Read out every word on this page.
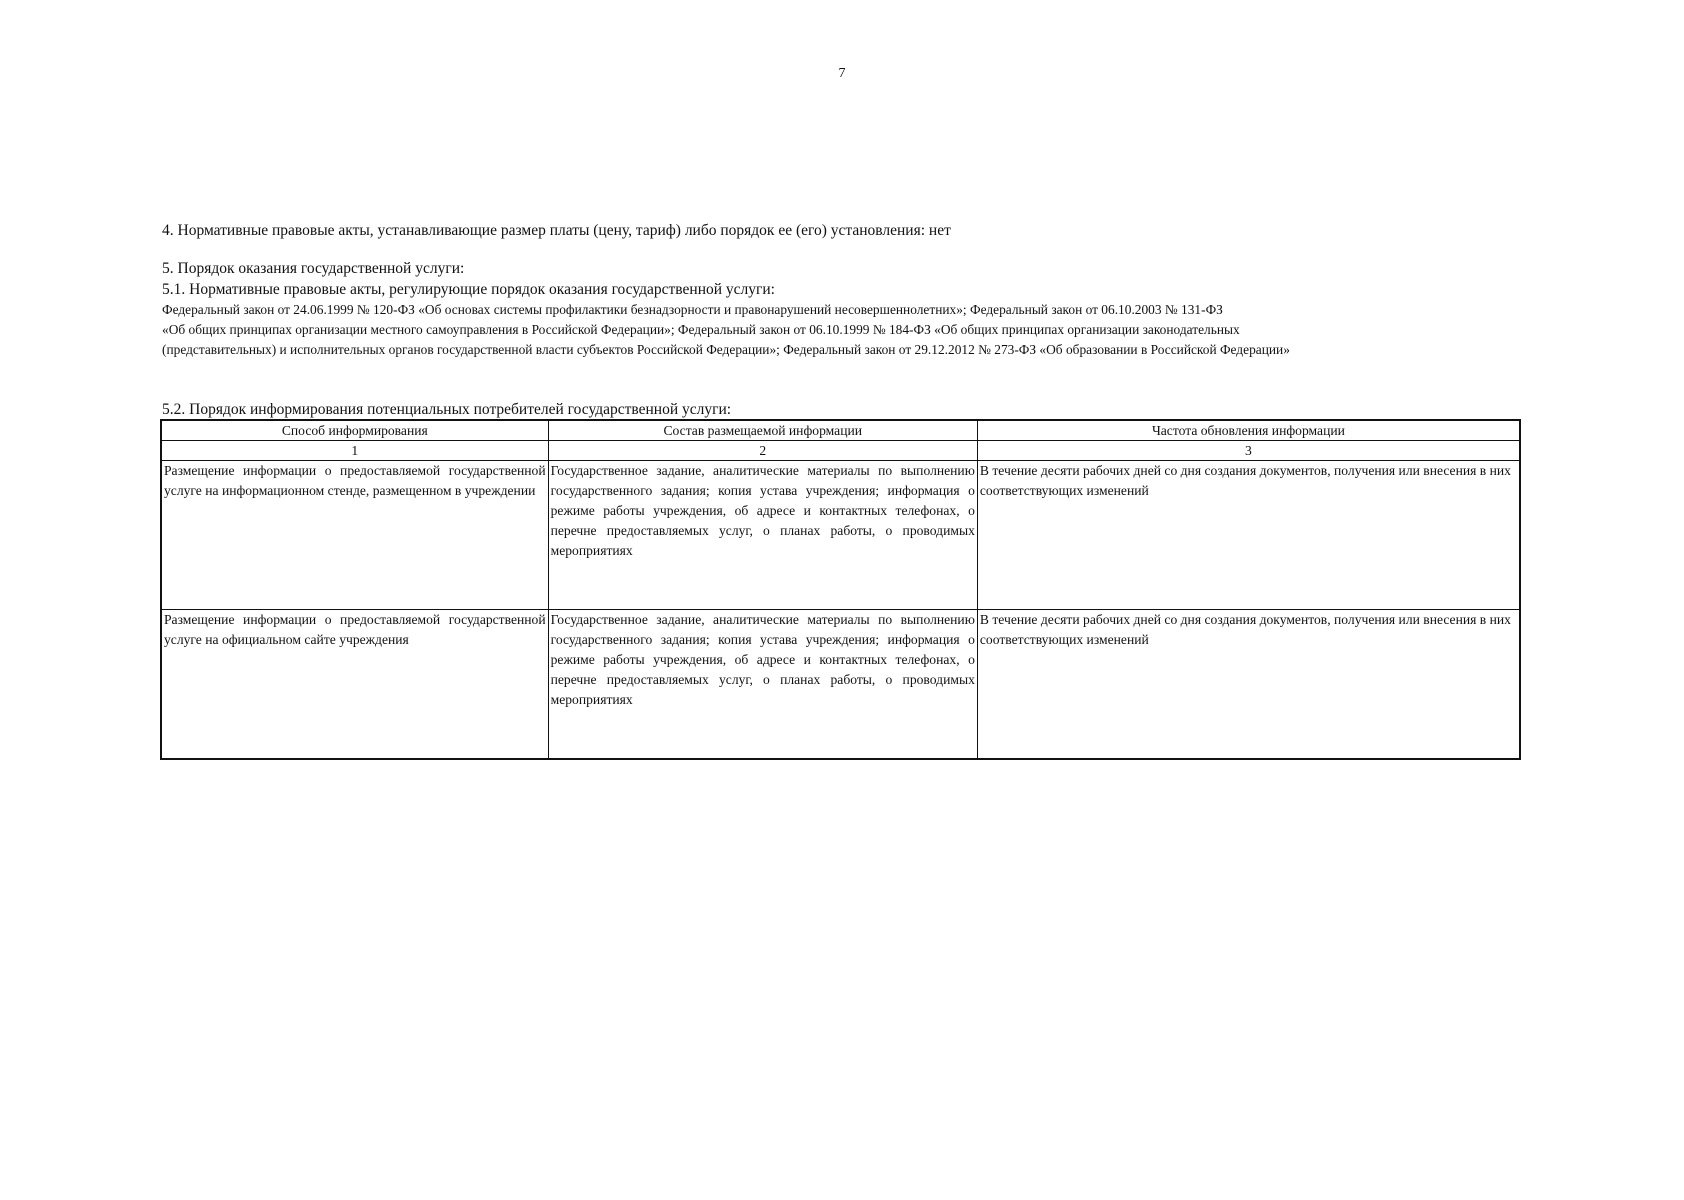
7
4. Нормативные правовые акты, устанавливающие размер платы (цену, тариф) либо порядок ее (его) установления: нет
5. Порядок оказания государственной услуги:
5.1. Нормативные правовые акты, регулирующие порядок оказания государственной услуги:
Федеральный закон от 24.06.1999 № 120-ФЗ «Об основах системы профилактики безнадзорности и правонарушений несовершеннолетних»; Федеральный закон от 06.10.2003 № 131-ФЗ
«Об общих принципах организации местного самоуправления в Российской Федерации»; Федеральный закон от 06.10.1999 № 184-ФЗ «Об общих принципах организации законодательных
(представительных) и исполнительных органов государственной власти субъектов Российской Федерации»; Федеральный закон от 29.12.2012 № 273-ФЗ «Об образовании в Российской Федерации»
5.2. Порядок информирования потенциальных потребителей государственной услуги:
Способ информирования	Состав размещаемой информации	Частота обновления информации
1	2	3
Размещение информации о предоставляемой государственной услуге на информационном стенде, размещенном в учреждении	Государственное задание, аналитические материалы по выполнению государственного задания; копия устава учреждения; информация о режиме работы учреждения, об адресе и контактных телефонах, о перечне предоставляемых услуг, о планах работы, о проводимых мероприятиях	В течение десяти рабочих дней со дня создания документов, получения или внесения в них соответствующих изменений
Размещение информации о предоставляемой государственной услуге на официальном сайте учреждения	Государственное задание, аналитические материалы по выполнению государственного задания; копия устава учреждения; информация о режиме работы учреждения, об адресе и контактных телефонах, о перечне предоставляемых услуг, о планах работы, о проводимых мероприятиях	В течение десяти рабочих дней со дня создания документов, получения или внесения в них соответствующих изменений
